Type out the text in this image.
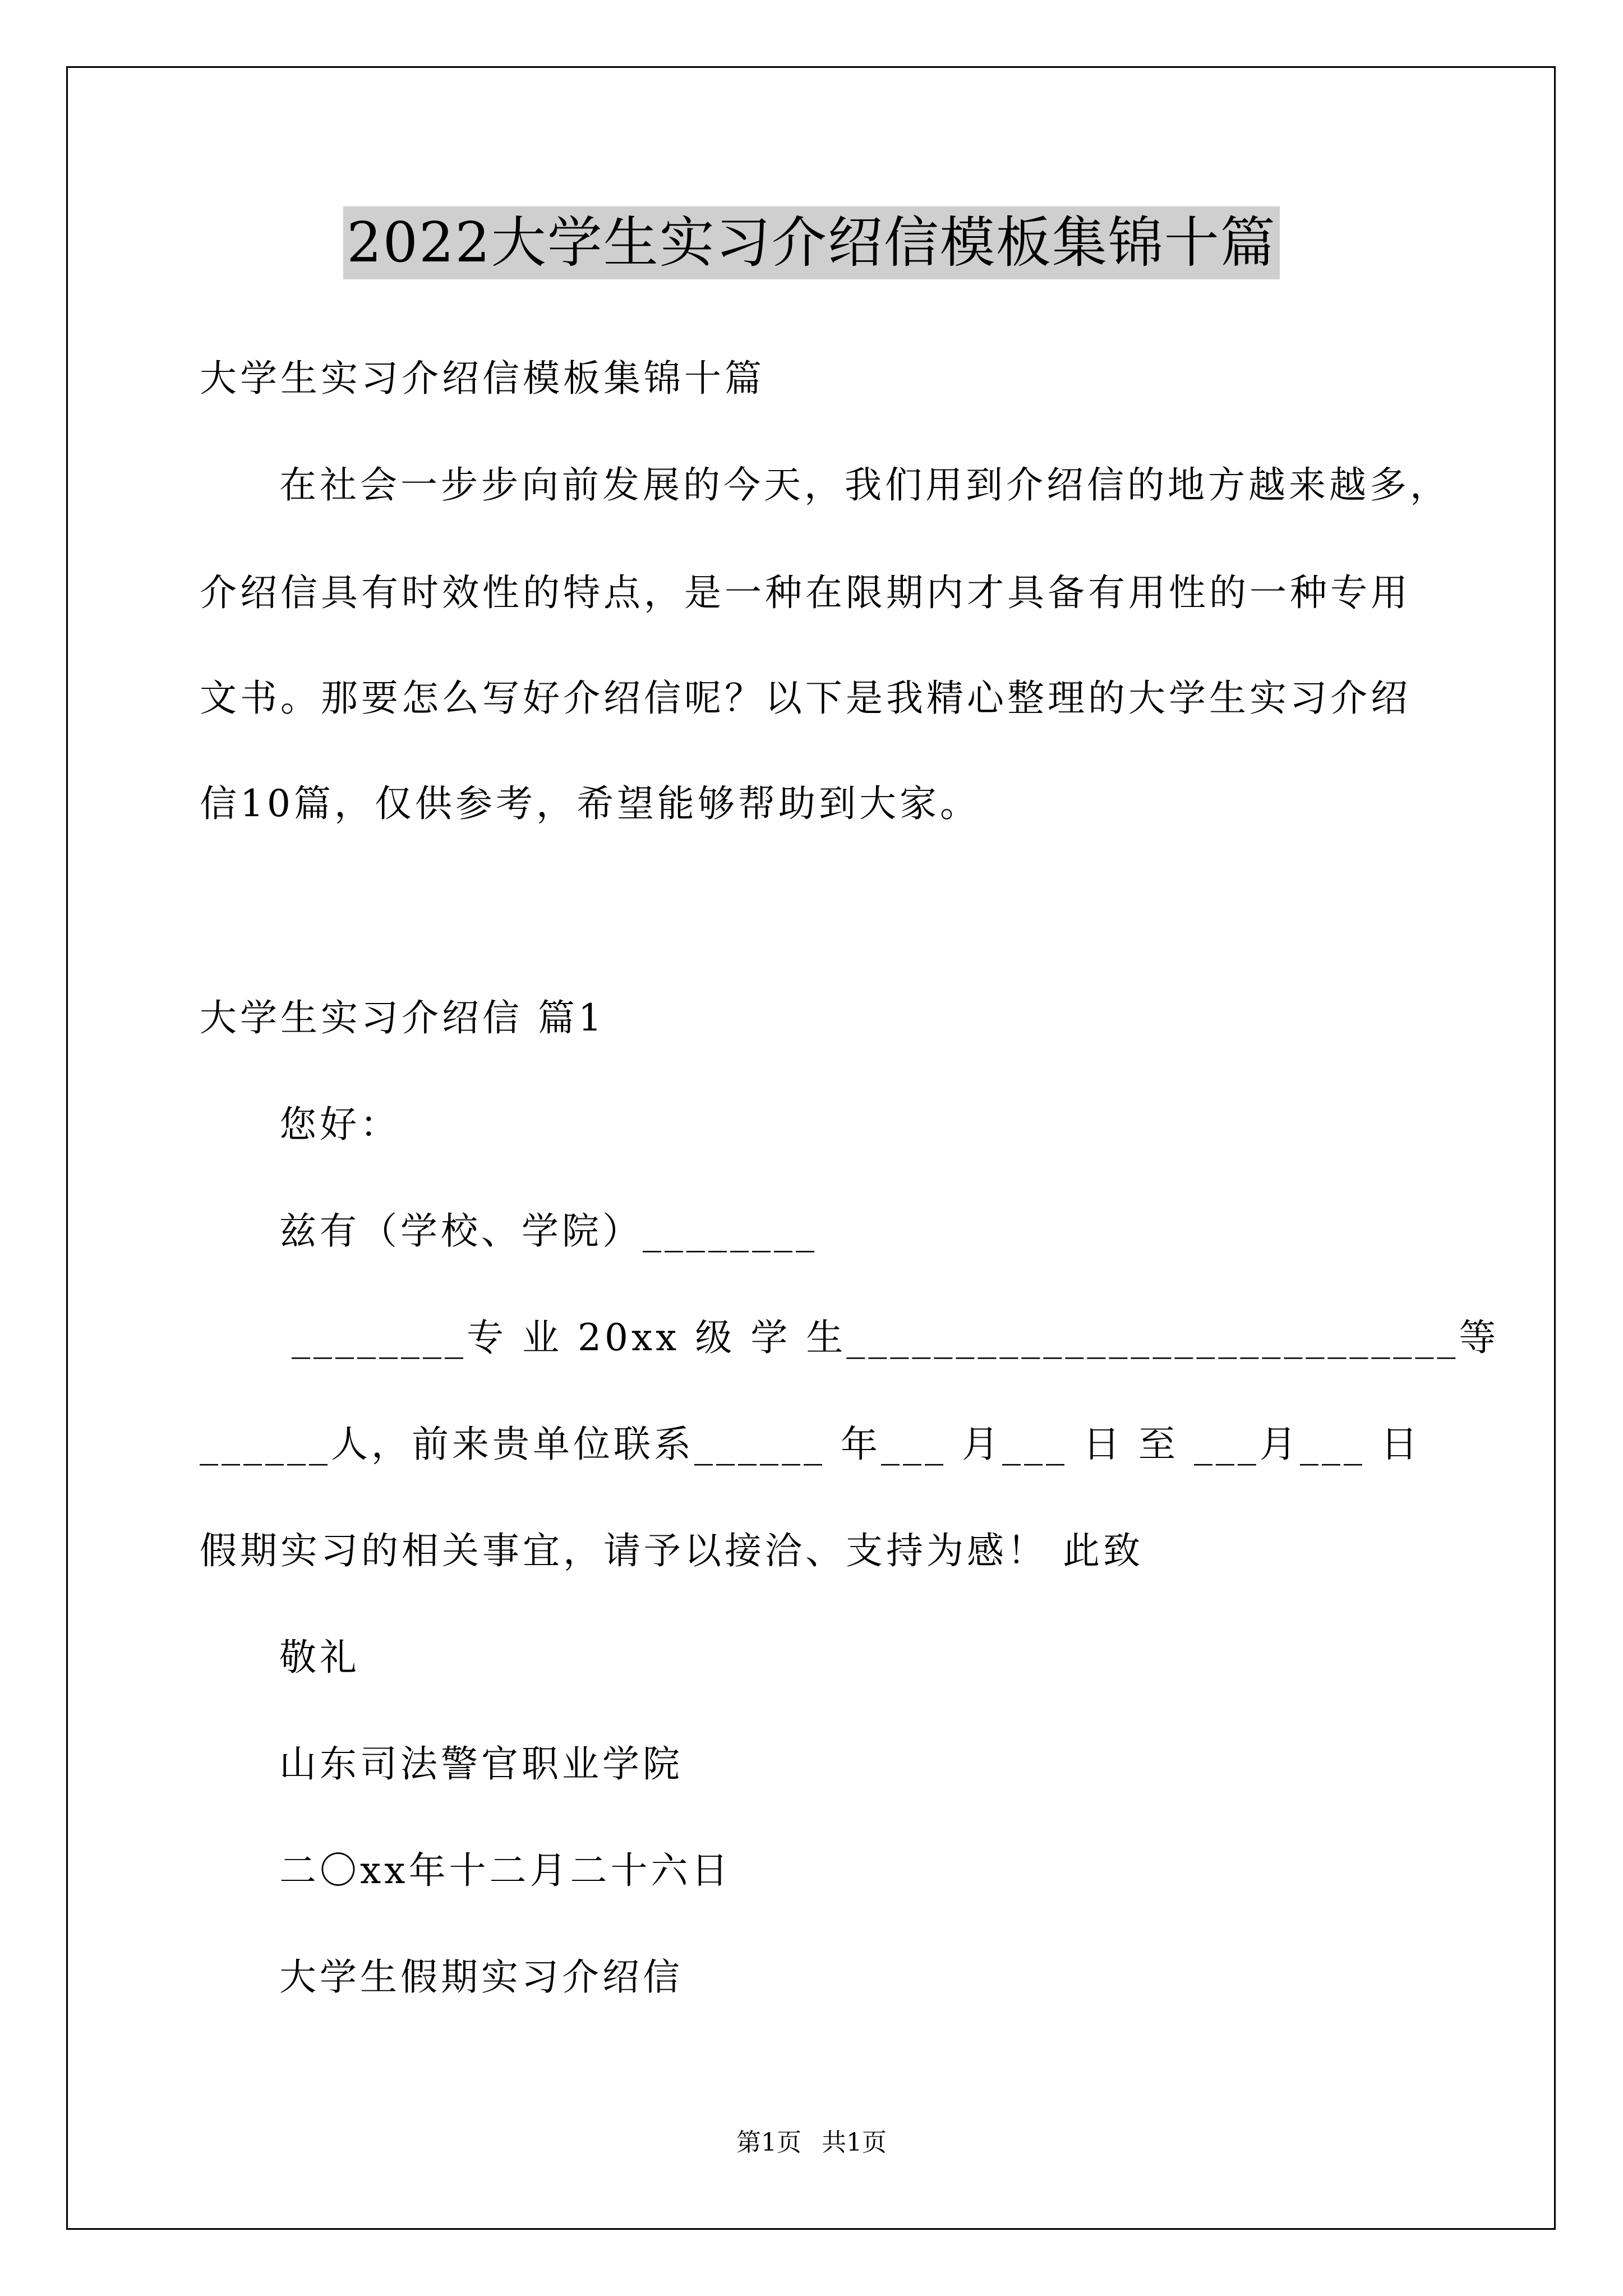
2022大学生实习介绍信模板集锦十篇
大学生实习介绍信模板集锦十篇
在社会一步步向前发展的今天，我们用到介绍信的地方越来越多，
介绍信具有时效性的特点，是一种在限期内才具备有用性的一种专用
文书。那要怎么写好介绍信呢？以下是我精心整理的大学生实习介绍
信10篇，仅供参考，希望能够帮助到大家。
大学生实习介绍信 篇1
您好：
兹有（学校、学院）________
________专 业 20xx 级 学 生____________________________等
______人，前来贵单位联系______ 年___ 月___ 日 至 ___月___ 日
假期实习的相关事宜，请予以接洽、支持为感！ 此致
敬礼
山东司法警官职业学院
二〇xx年十二月二十六日
大学生假期实习介绍信
第1页 共1页
